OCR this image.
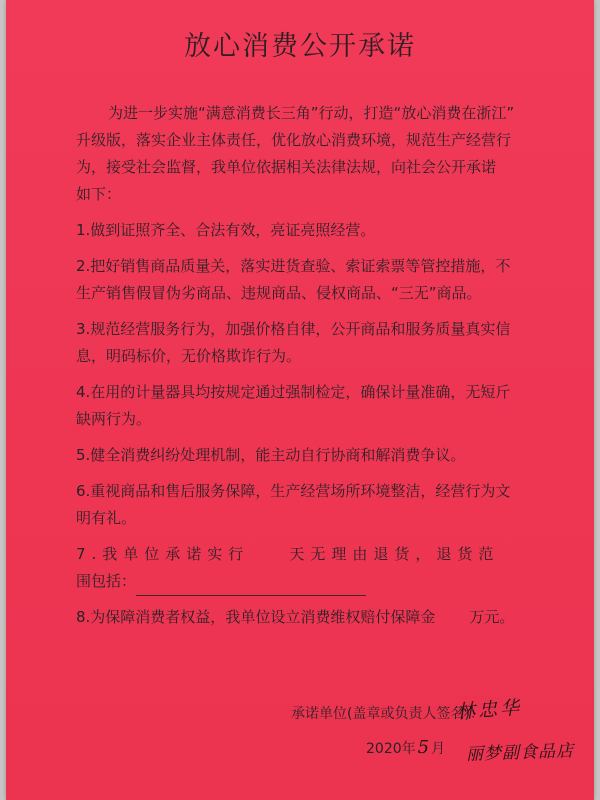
放心消费公开承诺
为进一步实施“满意消费长三角”行动，打造“放心消费在浙江”
升级版，落实企业主体责任，优化放心消费环境，规范生产经营行
为，接受社会监督，我单位依据相关法律法规，向社会公开承诺
如下：
1.做到证照齐全、合法有效，亮证亮照经营。
2.把好销售商品质量关，落实进货查验、索证索票等管控措施，不
生产销售假冒伪劣商品、违规商品、侵权商品、“三无”商品。
3.规范经营服务行为，加强价格自律，公开商品和服务质量真实信
息，明码标价，无价格欺诈行为。
4.在用的计量器具均按规定通过强制检定，确保计量准确，无短斤
缺两行为。
5.健全消费纠纷处理机制，能主动自行协商和解消费争议。
6.重视商品和售后服务保障，生产经营场所环境整洁，经营行为文
明有礼。
7.我单位承诺实行	天无理由退货，退货范
围包括：
8.为保障消费者权益，我单位设立消费维权赔付保障金 万元。
承诺单位(盖章或负责人签名)：
林忠华
2020年 5 月 丽梦副食品店
